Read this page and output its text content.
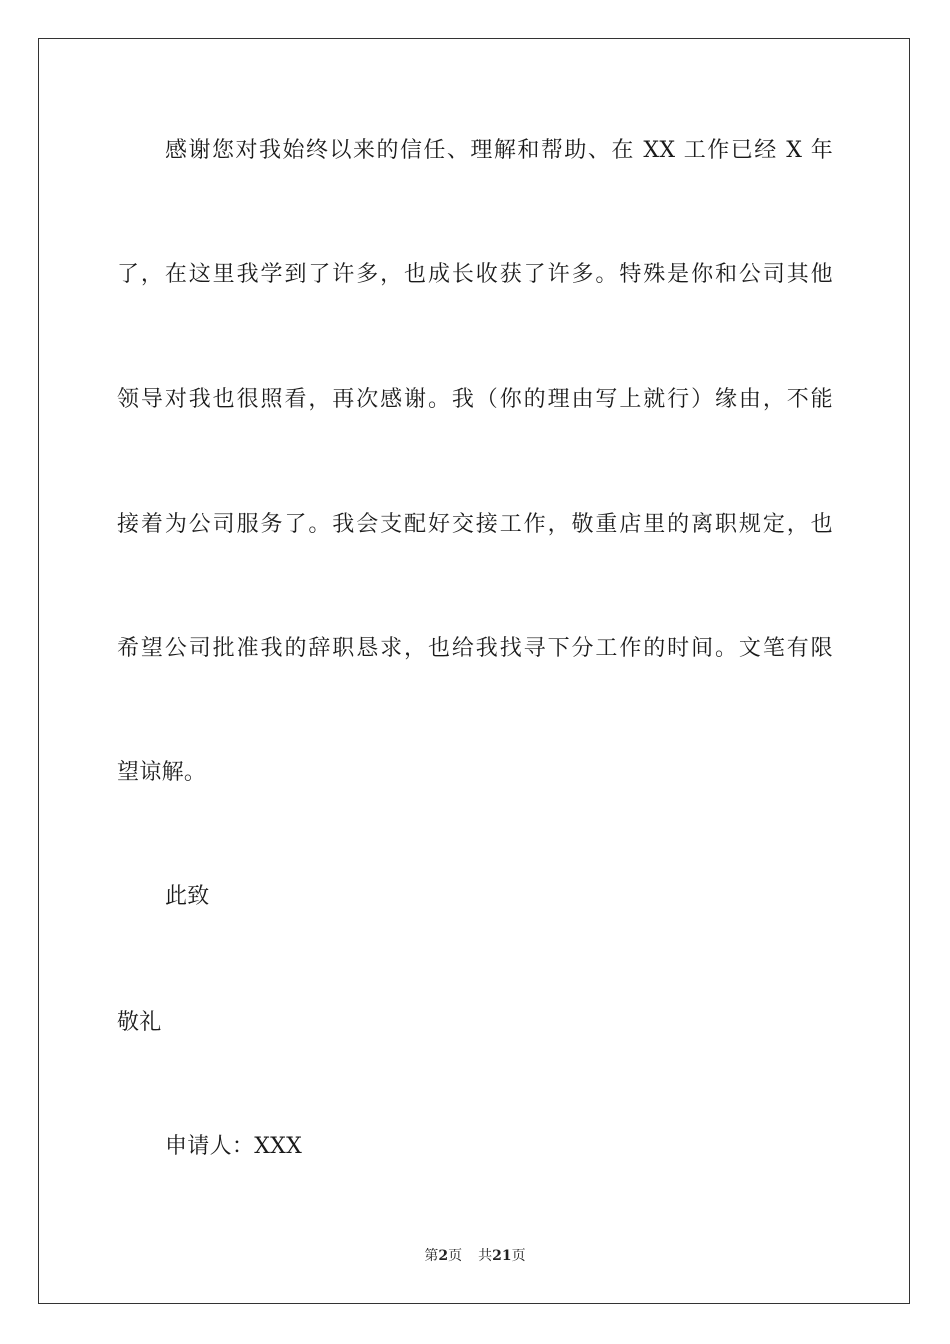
感谢您对我始终以来的信任、理解和帮助、在 XX 工作已经 X 年
了，在这里我学到了许多，也成长收获了许多。特殊是你和公司其他
领导对我也很照看，再次感谢。我（你的理由写上就行）缘由，不能
接着为公司服务了。我会支配好交接工作，敬重店里的离职规定，也
希望公司批准我的辞职恳求，也给我找寻下分工作的时间。文笔有限
望谅解。
此致
敬礼
申请人：XXX
第2页 共21页
